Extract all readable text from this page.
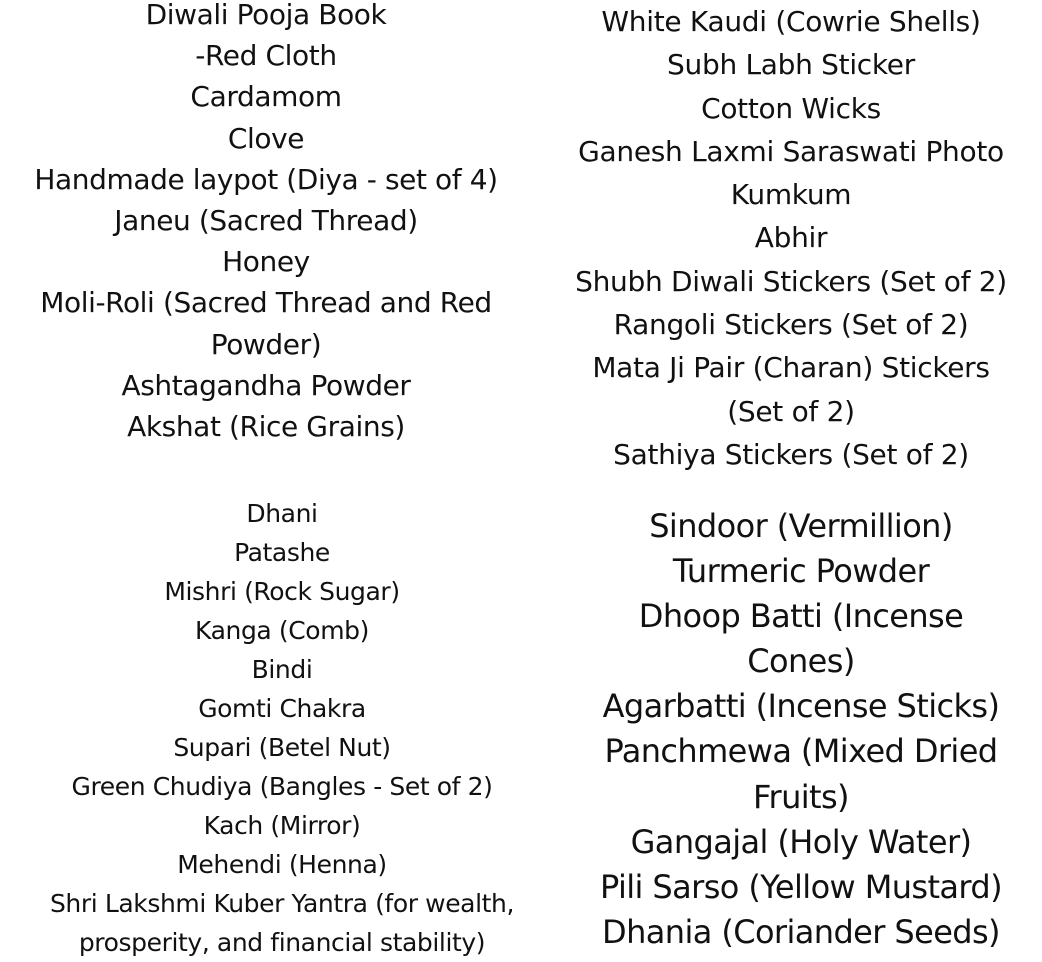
Diwali Pooja Book
-Red Cloth
Cardamom
Clove
Handmade laypot (Diya - set of 4)
Janeu (Sacred Thread)
Honey
Moli-Roli (Sacred Thread and Red
Powder)
Ashtagandha Powder
Akshat (Rice Grains)
White Kaudi (Cowrie Shells)
Subh Labh Sticker
Cotton Wicks
Ganesh Laxmi Saraswati Photo
Kumkum
Abhir
Shubh Diwali Stickers (Set of 2)
Rangoli Stickers (Set of 2)
Mata Ji Pair (Charan) Stickers
(Set of 2)
Sathiya Stickers (Set of 2)
Dhani
Patashe
Mishri (Rock Sugar)
Kanga (Comb)
Bindi
Gomti Chakra
Supari (Betel Nut)
Green Chudiya (Bangles - Set of 2)
Kach (Mirror)
Mehendi (Henna)
Shri Lakshmi Kuber Yantra (for wealth,
prosperity, and financial stability)
Sindoor (Vermillion)
Turmeric Powder
Dhoop Batti (Incense
Cones)
Agarbatti (Incense Sticks)
Panchmewa (Mixed Dried
Fruits)
Gangajal (Holy Water)
Pili Sarso (Yellow Mustard)
Dhania (Coriander Seeds)
